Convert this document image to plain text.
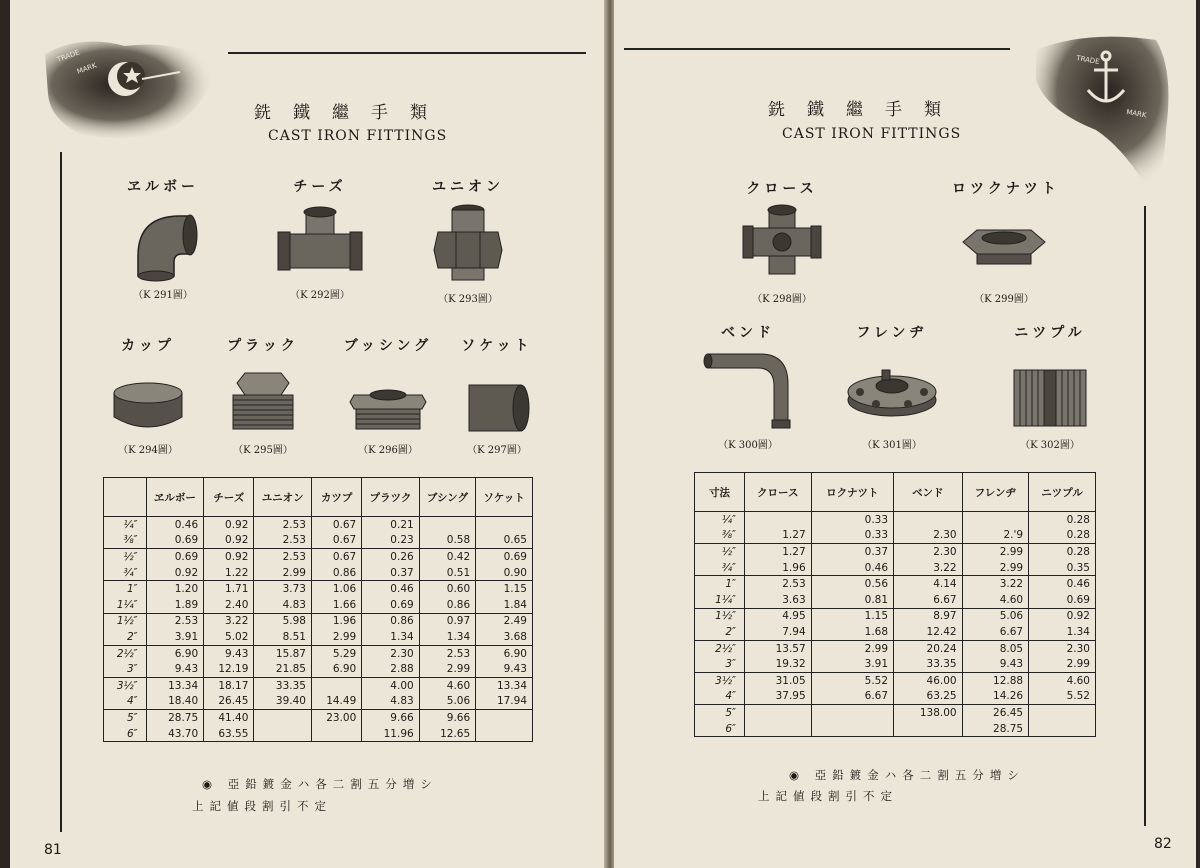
TRADE
MARK
銑鐵繼手類
CAST IRON FITTINGS
ヱルボー
（K 291圖）
チーズ
（K 292圖）
ユニオン
（K 293圖）
カップ
（K 294圖）
プラック
（K 295圖）
ブッシング
（K 296圖）
ソケット
（K 297圖）
	ヱルボー	チーズ	ユニオン	カツプ	プラツク	ブシング	ソケット
¼″	0.46	0.92	2.53	0.67	0.21		
⅜″	0.69	0.92	2.53	0.67	0.23	0.58	0.65
½″	0.69	0.92	2.53	0.67	0.26	0.42	0.69
¾″	0.92	1.22	2.99	0.86	0.37	0.51	0.90
1″	1.20	1.71	3.73	1.06	0.46	0.60	1.15
1¼″	1.89	2.40	4.83	1.66	0.69	0.86	1.84
1½″	2.53	3.22	5.98	1.96	0.86	0.97	2.49
2″	3.91	5.02	8.51	2.99	1.34	1.34	3.68
2½″	6.90	9.43	15.87	5.29	2.30	2.53	6.90
3″	9.43	12.19	21.85	6.90	2.88	2.99	9.43
3½″	13.34	18.17	33.35		4.00	4.60	13.34
4″	18.40	26.45	39.40	14.49	4.83	5.06	17.94
5″	28.75	41.40		23.00	9.66	9.66	
6″	43.70	63.55			11.96	12.65	
◉ 亞鉛鍍金ハ各二割五分増シ
上記値段割引不定
81
TRADE
MARK
銑鐵繼手類
CAST IRON FITTINGS
クロース
（K 298圖）
ロツクナツト
（K 299圖）
ベンド
（K 300圖）
フレンヂ
（K 301圖）
ニツプル
（K 302圖）
寸法	クロース	ロクナツト	ベンド	フレンヂ	ニツプル
¼″		0.33			0.28
⅜″	1.27	0.33	2.30	2.'9	0.28
½″	1.27	0.37	2.30	2.99	0.28
¾″	1.96	0.46	3.22	2.99	0.35
1″	2.53	0.56	4.14	3.22	0.46
1¼″	3.63	0.81	6.67	4.60	0.69
1½″	4.95	1.15	8.97	5.06	0.92
2″	7.94	1.68	12.42	6.67	1.34
2½″	13.57	2.99	20.24	8.05	2.30
3″	19.32	3.91	33.35	9.43	2.99
3½″	31.05	5.52	46.00	12.88	4.60
4″	37.95	6.67	63.25	14.26	5.52
5″			138.00	26.45	
6″				28.75	
◉ 亞鉛鍍金ハ各二割五分増シ
上記値段割引不定
82
